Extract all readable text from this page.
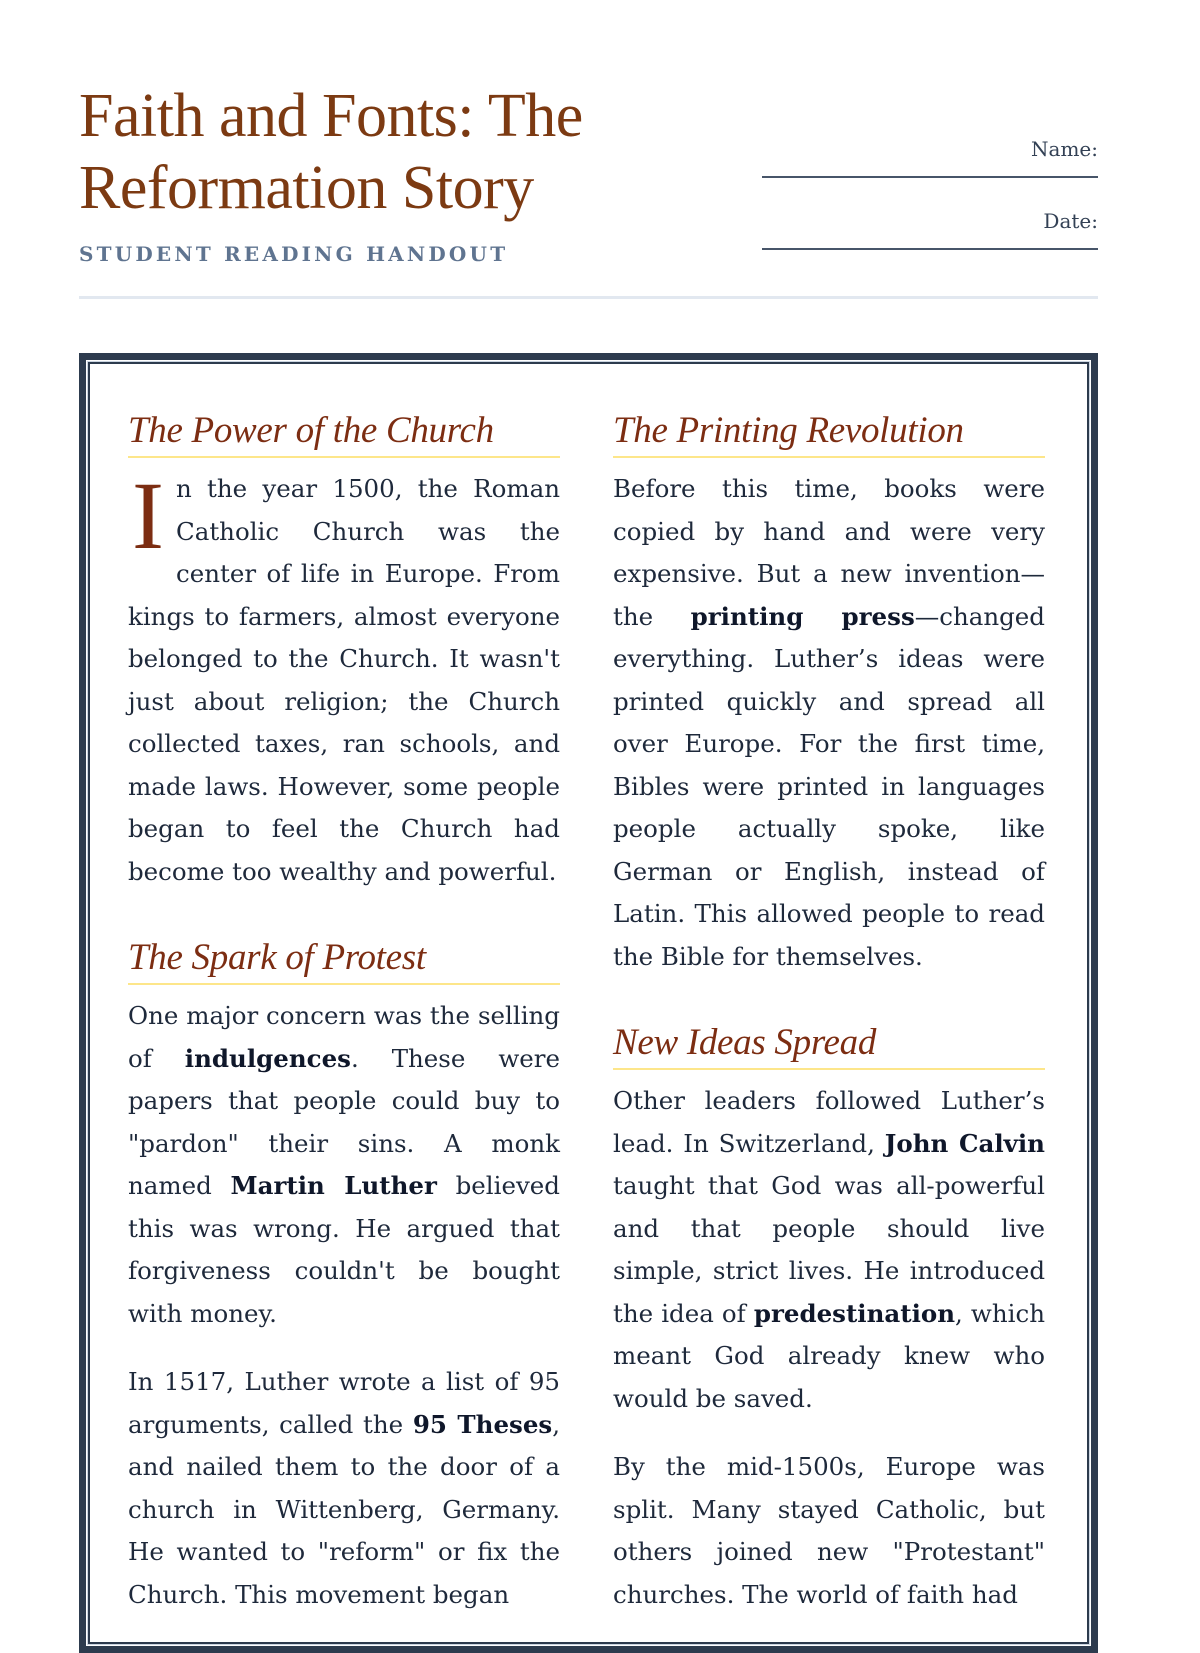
Faith and Fonts: The
Reformation Story
STUDENT READING HANDOUT
Name:
Date:
The Power of the Church

In the year 1500, the Roman Catholic Church was the center of life in Europe. From kings to farmers, almost everyone belonged to the Church. It wasn't just about religion; the Church collected taxes, ran schools, and made laws. However, some people began to feel the Church had become too wealthy and powerful.

The Spark of Protest

One major concern was the selling of indulgences. These were papers that people could buy to "pardon" their sins. A monk named Martin Luther believed this was wrong. He argued that forgiveness couldn't be bought with money.

In 1517, Luther wrote a list of 95 arguments, called the 95 Theses, and nailed them to the door of a church in Wittenberg, Germany. He wanted to "reform" or fix the Church. This movement began

The Printing Revolution

Before this time, books were copied by hand and were very expensive. But a new invention—the printing press—changed everything. Luther’s ideas were printed quickly and spread all over Europe. For the first time, Bibles were printed in languages people actually spoke, like German or English, instead of Latin. This allowed people to read the Bible for themselves.

New Ideas Spread

Other leaders followed Luther’s lead. In Switzerland, John Calvin taught that God was all-powerful and that people should live simple, strict lives. He introduced the idea of predestination, which meant God already knew who would be saved.

By the mid-1500s, Europe was split. Many stayed Catholic, but others joined new "Protestant" churches. The world of faith had
